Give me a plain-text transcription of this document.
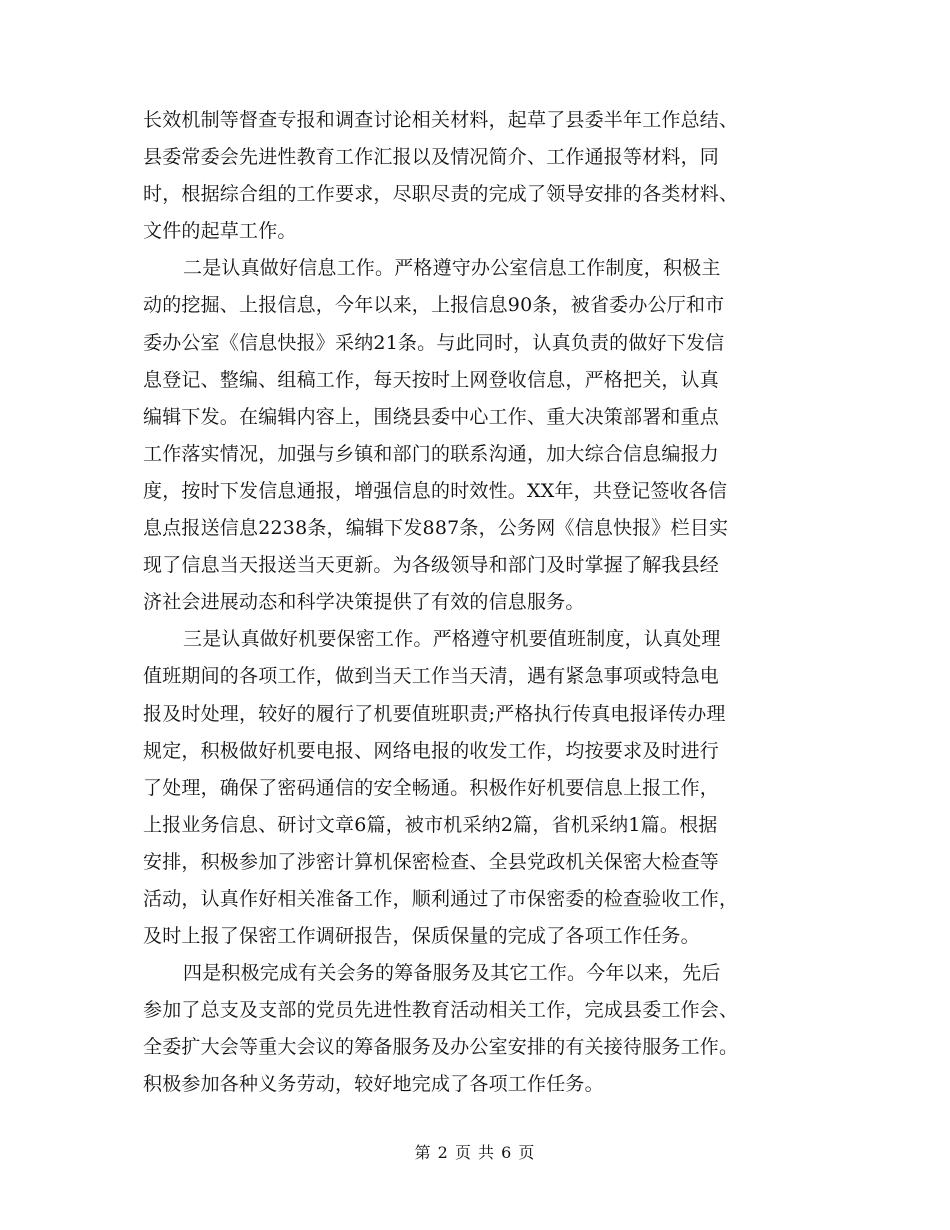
长效机制等督查专报和调查讨论相关材料，起草了县委半年工作总结、
县委常委会先进性教育工作汇报以及情况简介、工作通报等材料，同
时，根据综合组的工作要求，尽职尽责的完成了领导安排的各类材料、
文件的起草工作。
二是认真做好信息工作。严格遵守办公室信息工作制度，积极主
动的挖掘、上报信息，今年以来，上报信息90条，被省委办公厅和市
委办公室《信息快报》采纳21条。与此同时，认真负责的做好下发信
息登记、整编、组稿工作，每天按时上网登收信息，严格把关，认真
编辑下发。在编辑内容上，围绕县委中心工作、重大决策部署和重点
工作落实情况，加强与乡镇和部门的联系沟通，加大综合信息编报力
度，按时下发信息通报，增强信息的时效性。XX年，共登记签收各信
息点报送信息2238条，编辑下发887条，公务网《信息快报》栏目实
现了信息当天报送当天更新。为各级领导和部门及时掌握了解我县经
济社会进展动态和科学决策提供了有效的信息服务。
三是认真做好机要保密工作。严格遵守机要值班制度，认真处理
值班期间的各项工作，做到当天工作当天清，遇有紧急事项或特急电
报及时处理，较好的履行了机要值班职责;严格执行传真电报译传办理
规定，积极做好机要电报、网络电报的收发工作，均按要求及时进行
了处理，确保了密码通信的安全畅通。积极作好机要信息上报工作，
上报业务信息、研讨文章6篇，被市机采纳2篇，省机采纳1篇。根据
安排，积极参加了涉密计算机保密检查、全县党政机关保密大检查等
活动，认真作好相关准备工作，顺利通过了市保密委的检查验收工作，
及时上报了保密工作调研报告，保质保量的完成了各项工作任务。
四是积极完成有关会务的筹备服务及其它工作。今年以来，先后
参加了总支及支部的党员先进性教育活动相关工作，完成县委工作会、
全委扩大会等重大会议的筹备服务及办公室安排的有关接待服务工作。
积极参加各种义务劳动，较好地完成了各项工作任务。
第 2 页 共 6 页
